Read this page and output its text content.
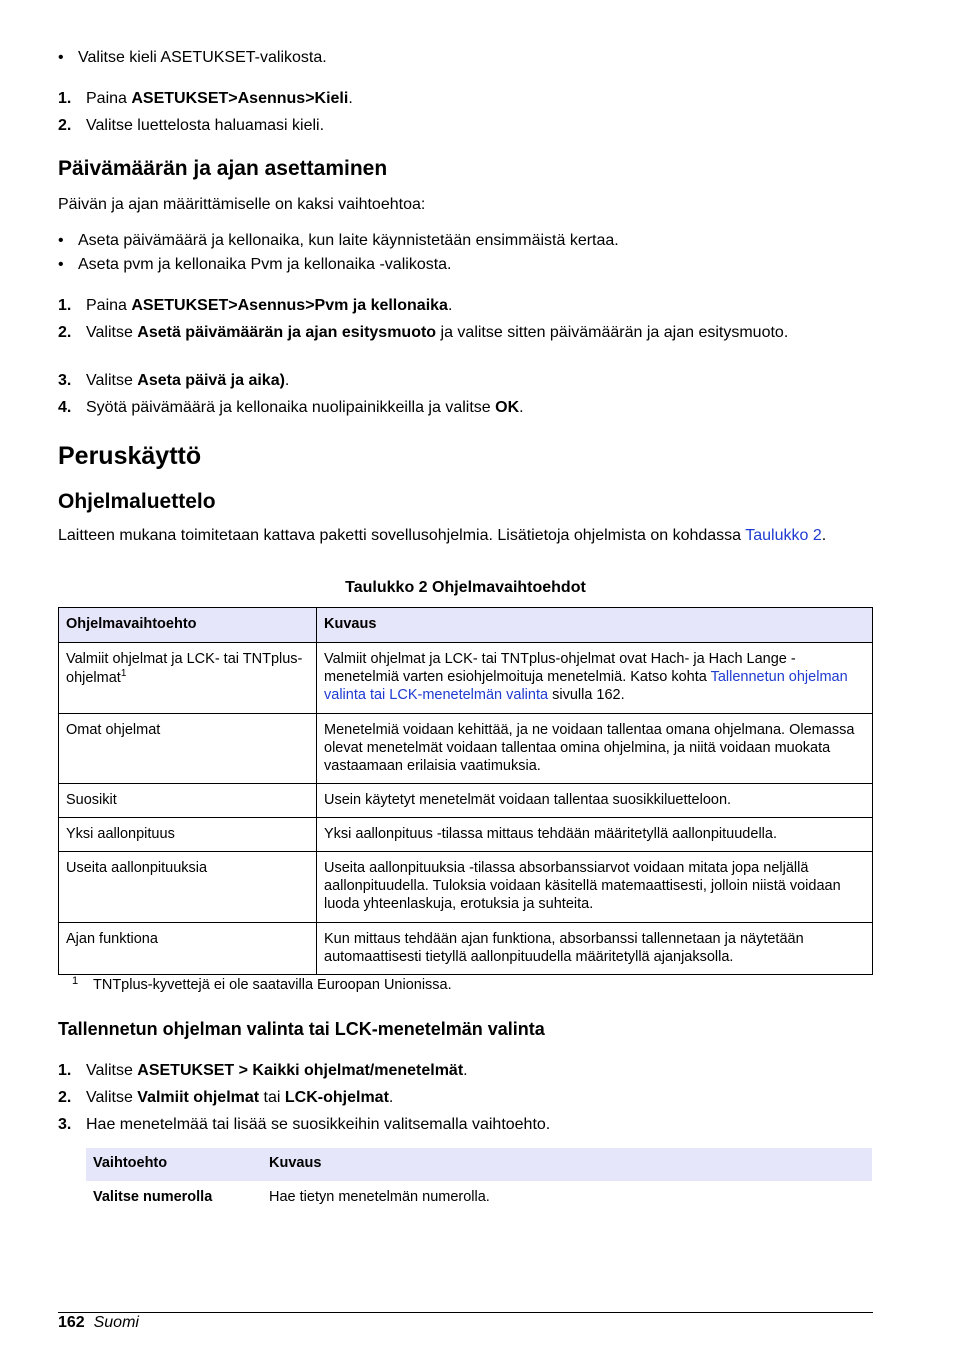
• Valitse kieli ASETUKSET-valikosta.
1. Paina ASETUKSET>Asennus>Kieli.
2. Valitse luettelosta haluamasi kieli.
Päivämäärän ja ajan asettaminen
Päivän ja ajan määrittämiselle on kaksi vaihtoehtoa:
• Aseta päivämäärä ja kellonaika, kun laite käynnistetään ensimmäistä kertaa.
• Aseta pvm ja kellonaika Pvm ja kellonaika -valikosta.
1. Paina ASETUKSET>Asennus>Pvm ja kellonaika.
2. Valitse Asetä päivämäärän ja ajan esitysmuoto ja valitse sitten päivämäärän ja ajan esitysmuoto.
3. Valitse Aseta päivä ja aika).
4. Syötä päivämäärä ja kellonaika nuolipainikkeilla ja valitse OK.
Peruskäyttö
Ohjelmaluettelo
Laitteen mukana toimitetaan kattava paketti sovellusohjelmia. Lisätietoja ohjelmista on kohdassa Taulukko 2.
Taulukko 2 Ohjelmavaihtoehdot
Ohjelmavaihtoehto	Kuvaus
Valmiit ohjelmat ja LCK- tai TNTplus-ohjelmat$^1$	Valmiit ohjelmat ja LCK- tai TNTplus-ohjelmat ovat Hach- ja Hach Lange -menetelmiä varten esiohjelmoituja menetelmiä. Katso kohta Tallennetun ohjelman valinta tai LCK-menetelmän valinta sivulla 162.
Omat ohjelmat	Menetelmiä voidaan kehittää, ja ne voidaan tallentaa omana ohjelmana. Olemassa olevat menetelmät voidaan tallentaa omina ohjelmina, ja niitä voidaan muokata vastaamaan erilaisia vaatimuksia.
Suosikit	Usein käytetyt menetelmät voidaan tallentaa suosikkiluetteloon.
Yksi aallonpituus	Yksi aallonpituus -tilassa mittaus tehdään määritetyllä aallonpituudella.
Useita aallonpituuksia	Useita aallonpituuksia -tilassa absorbanssiarvot voidaan mitata jopa neljällä aallonpituudella. Tuloksia voidaan käsitellä matemaattisesti, jolloin niistä voidaan luoda yhteenlaskuja, erotuksia ja suhteita.
Ajan funktiona	Kun mittaus tehdään ajan funktiona, absorbanssi tallennetaan ja näytetään automaattisesti tietyllä aallonpituudella määritetyllä ajanjaksolla.
1 TNTplus-kyvettejä ei ole saatavilla Euroopan Unionissa.
Tallennetun ohjelman valinta tai LCK-menetelmän valinta
1. Valitse ASETUKSET > Kaikki ohjelmat/menetelmät.
2. Valitse Valmiit ohjelmat tai LCK-ohjelmat.
3. Hae menetelmää tai lisää se suosikkeihin valitsemalla vaihtoehto.
Vaihtoehto	Kuvaus
Valitse numerolla	Hae tietyn menetelmän numerolla.
162 Suomi
